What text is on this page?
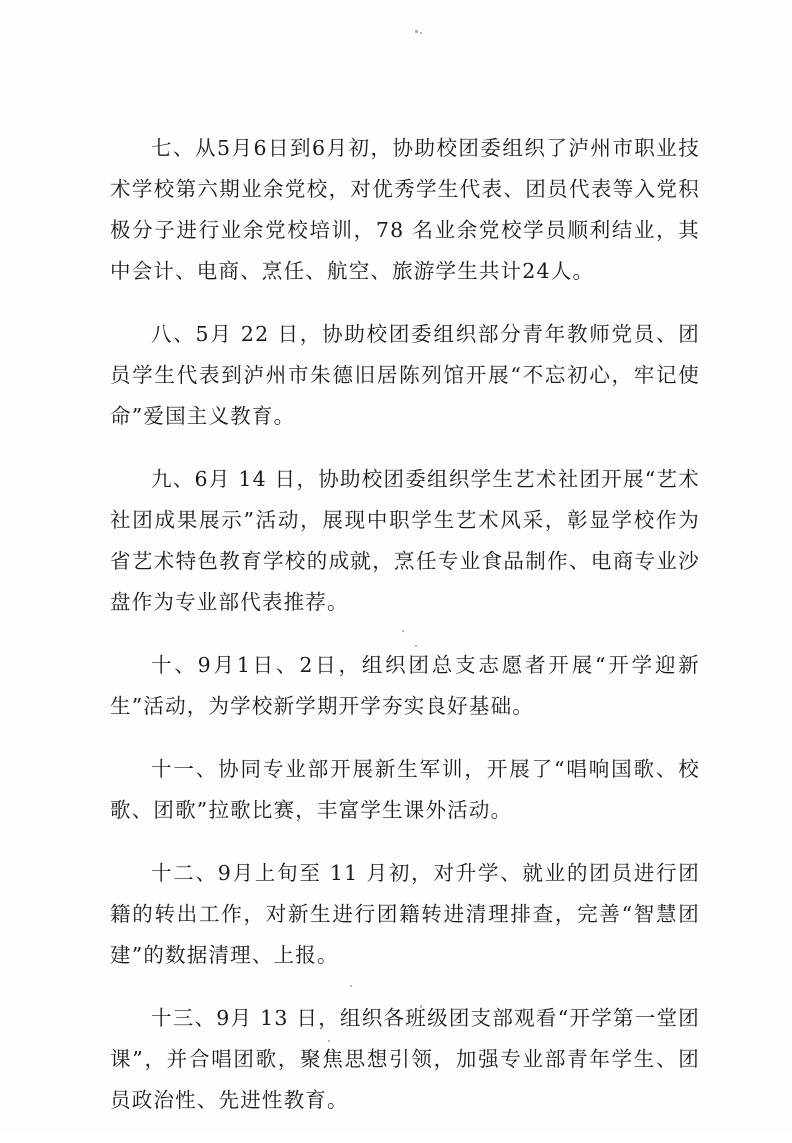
七、从5月6日到6月初，协助校团委组织了泸州市职业技术学校第六期业余党校，对优秀学生代表、团员代表等入党积极分子进行业余党校培训，78 名业余党校学员顺利结业，其中会计、电商、烹任、航空、旅游学生共计24人。

八、5月 22 日，协助校团委组织部分青年教师党员、团员学生代表到泸州市朱德旧居陈列馆开展“不忘初心，牢记使命”爱国主义教育。

九、6月 14 日，协助校团委组织学生艺术社团开展“艺术社团成果展示”活动，展现中职学生艺术风采，彰显学校作为省艺术特色教育学校的成就，烹任专业食品制作、电商专业沙盘作为专业部代表推荐。

十、9月1日、2日，组织团总支志愿者开展“开学迎新生”活动，为学校新学期开学夯实良好基础。

十一、协同专业部开展新生军训，开展了“唱响国歌、校歌、团歌”拉歌比赛，丰富学生课外活动。

十二、9月上旬至 11 月初，对升学、就业的团员进行团籍的转出工作，对新生进行团籍转进清理排查，完善“智慧团建”的数据清理、上报。

十三、9月 13 日，组织各班级团支部观看“开学第一堂团课”，并合唱团歌，聚焦思想引领，加强专业部青年学生、团员政治性、先进性教育。
